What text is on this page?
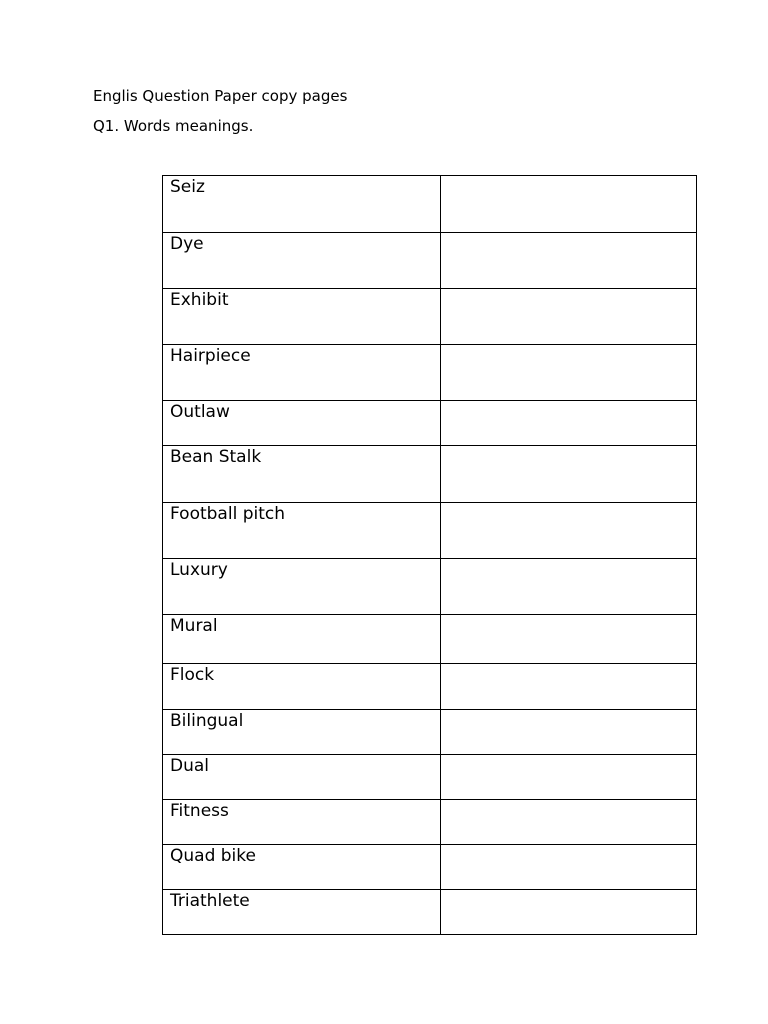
Englis Question Paper copy pages
Q1. Words meanings.
Seiz	
Dye	
Exhibit	
Hairpiece	
Outlaw	
Bean Stalk	
Football pitch	
Luxury	
Mural	
Flock	
Bilingual	
Dual	
Fitness	
Quad bike	
Triathlete	
